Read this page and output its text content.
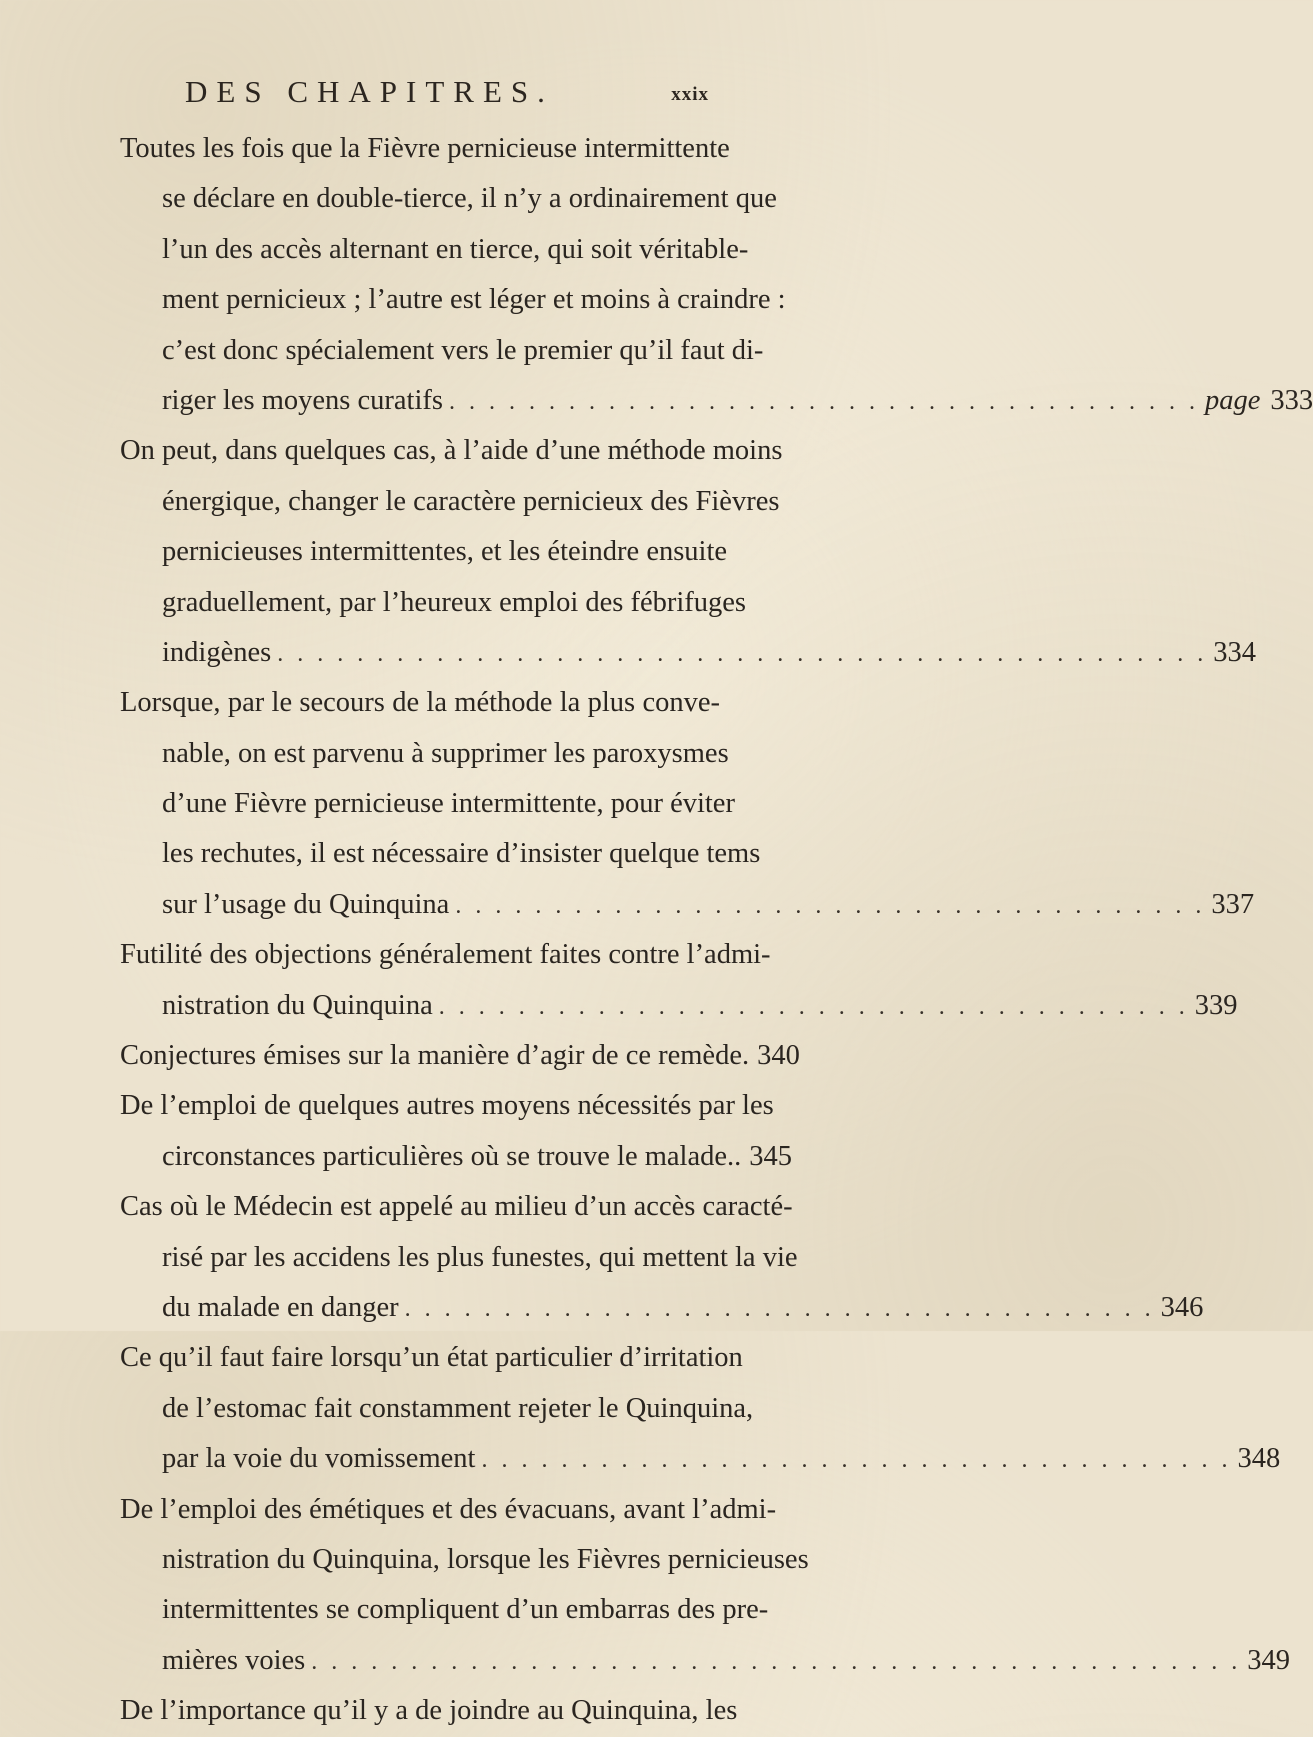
DES CHAPITRES.	xxix
Toutes les fois que la Fièvre pernicieuse intermittente
se déclare en double-tierce, il n’y a ordinairement que
l’un des accès alternant en tierce, qui soit véritable-
ment pernicieux ; l’autre est léger et moins à craindre :
c’est donc spécialement vers le premier qu’il faut di-
riger les moyens curatifs . . . . . . . . . . . . . . . . . . . . . . . . . . . . . . . . . . . . . . page 333
On peut, dans quelques cas, à l’aide d’une méthode moins
énergique, changer le caractère pernicieux des Fièvres
pernicieuses intermittentes, et les éteindre ensuite
graduellement, par l’heureux emploi des fébrifuges
indigènes . . . . . . . . . . . . . . . . . . . . . . . . . . . . . . . . . . . . . . . . . . . . . . . 334
Lorsque, par le secours de la méthode la plus conve-
nable, on est parvenu à supprimer les paroxysmes
d’une Fièvre pernicieuse intermittente, pour éviter
les rechutes, il est nécessaire d’insister quelque tems
sur l’usage du Quinquina . . . . . . . . . . . . . . . . . . . . . . . . . . . . . . . . . . . . . . 337
Futilité des objections généralement faites contre l’admi-
nistration du Quinquina . . . . . . . . . . . . . . . . . . . . . . . . . . . . . . . . . . . . . . 339
Conjectures émises sur la manière d’agir de ce remède. 340
De l’emploi de quelques autres moyens nécessités par les
circonstances particulières où se trouve le malade.. 345
Cas où le Médecin est appelé au milieu d’un accès caracté-
risé par les accidens les plus funestes, qui mettent la vie
du malade en danger . . . . . . . . . . . . . . . . . . . . . . . . . . . . . . . . . . . . . . 346
Ce qu’il faut faire lorsqu’un état particulier d’irritation
de l’estomac fait constamment rejeter le Quinquina,
par la voie du vomissement . . . . . . . . . . . . . . . . . . . . . . . . . . . . . . . . . . . . . . 348
De l’emploi des émétiques et des évacuans, avant l’admi-
nistration du Quinquina, lorsque les Fièvres pernicieuses
intermittentes se compliquent d’un embarras des pre-
mières voies . . . . . . . . . . . . . . . . . . . . . . . . . . . . . . . . . . . . . . . . . . . . . . . 349
De l’importance qu’il y a de joindre au Quinquina, les
